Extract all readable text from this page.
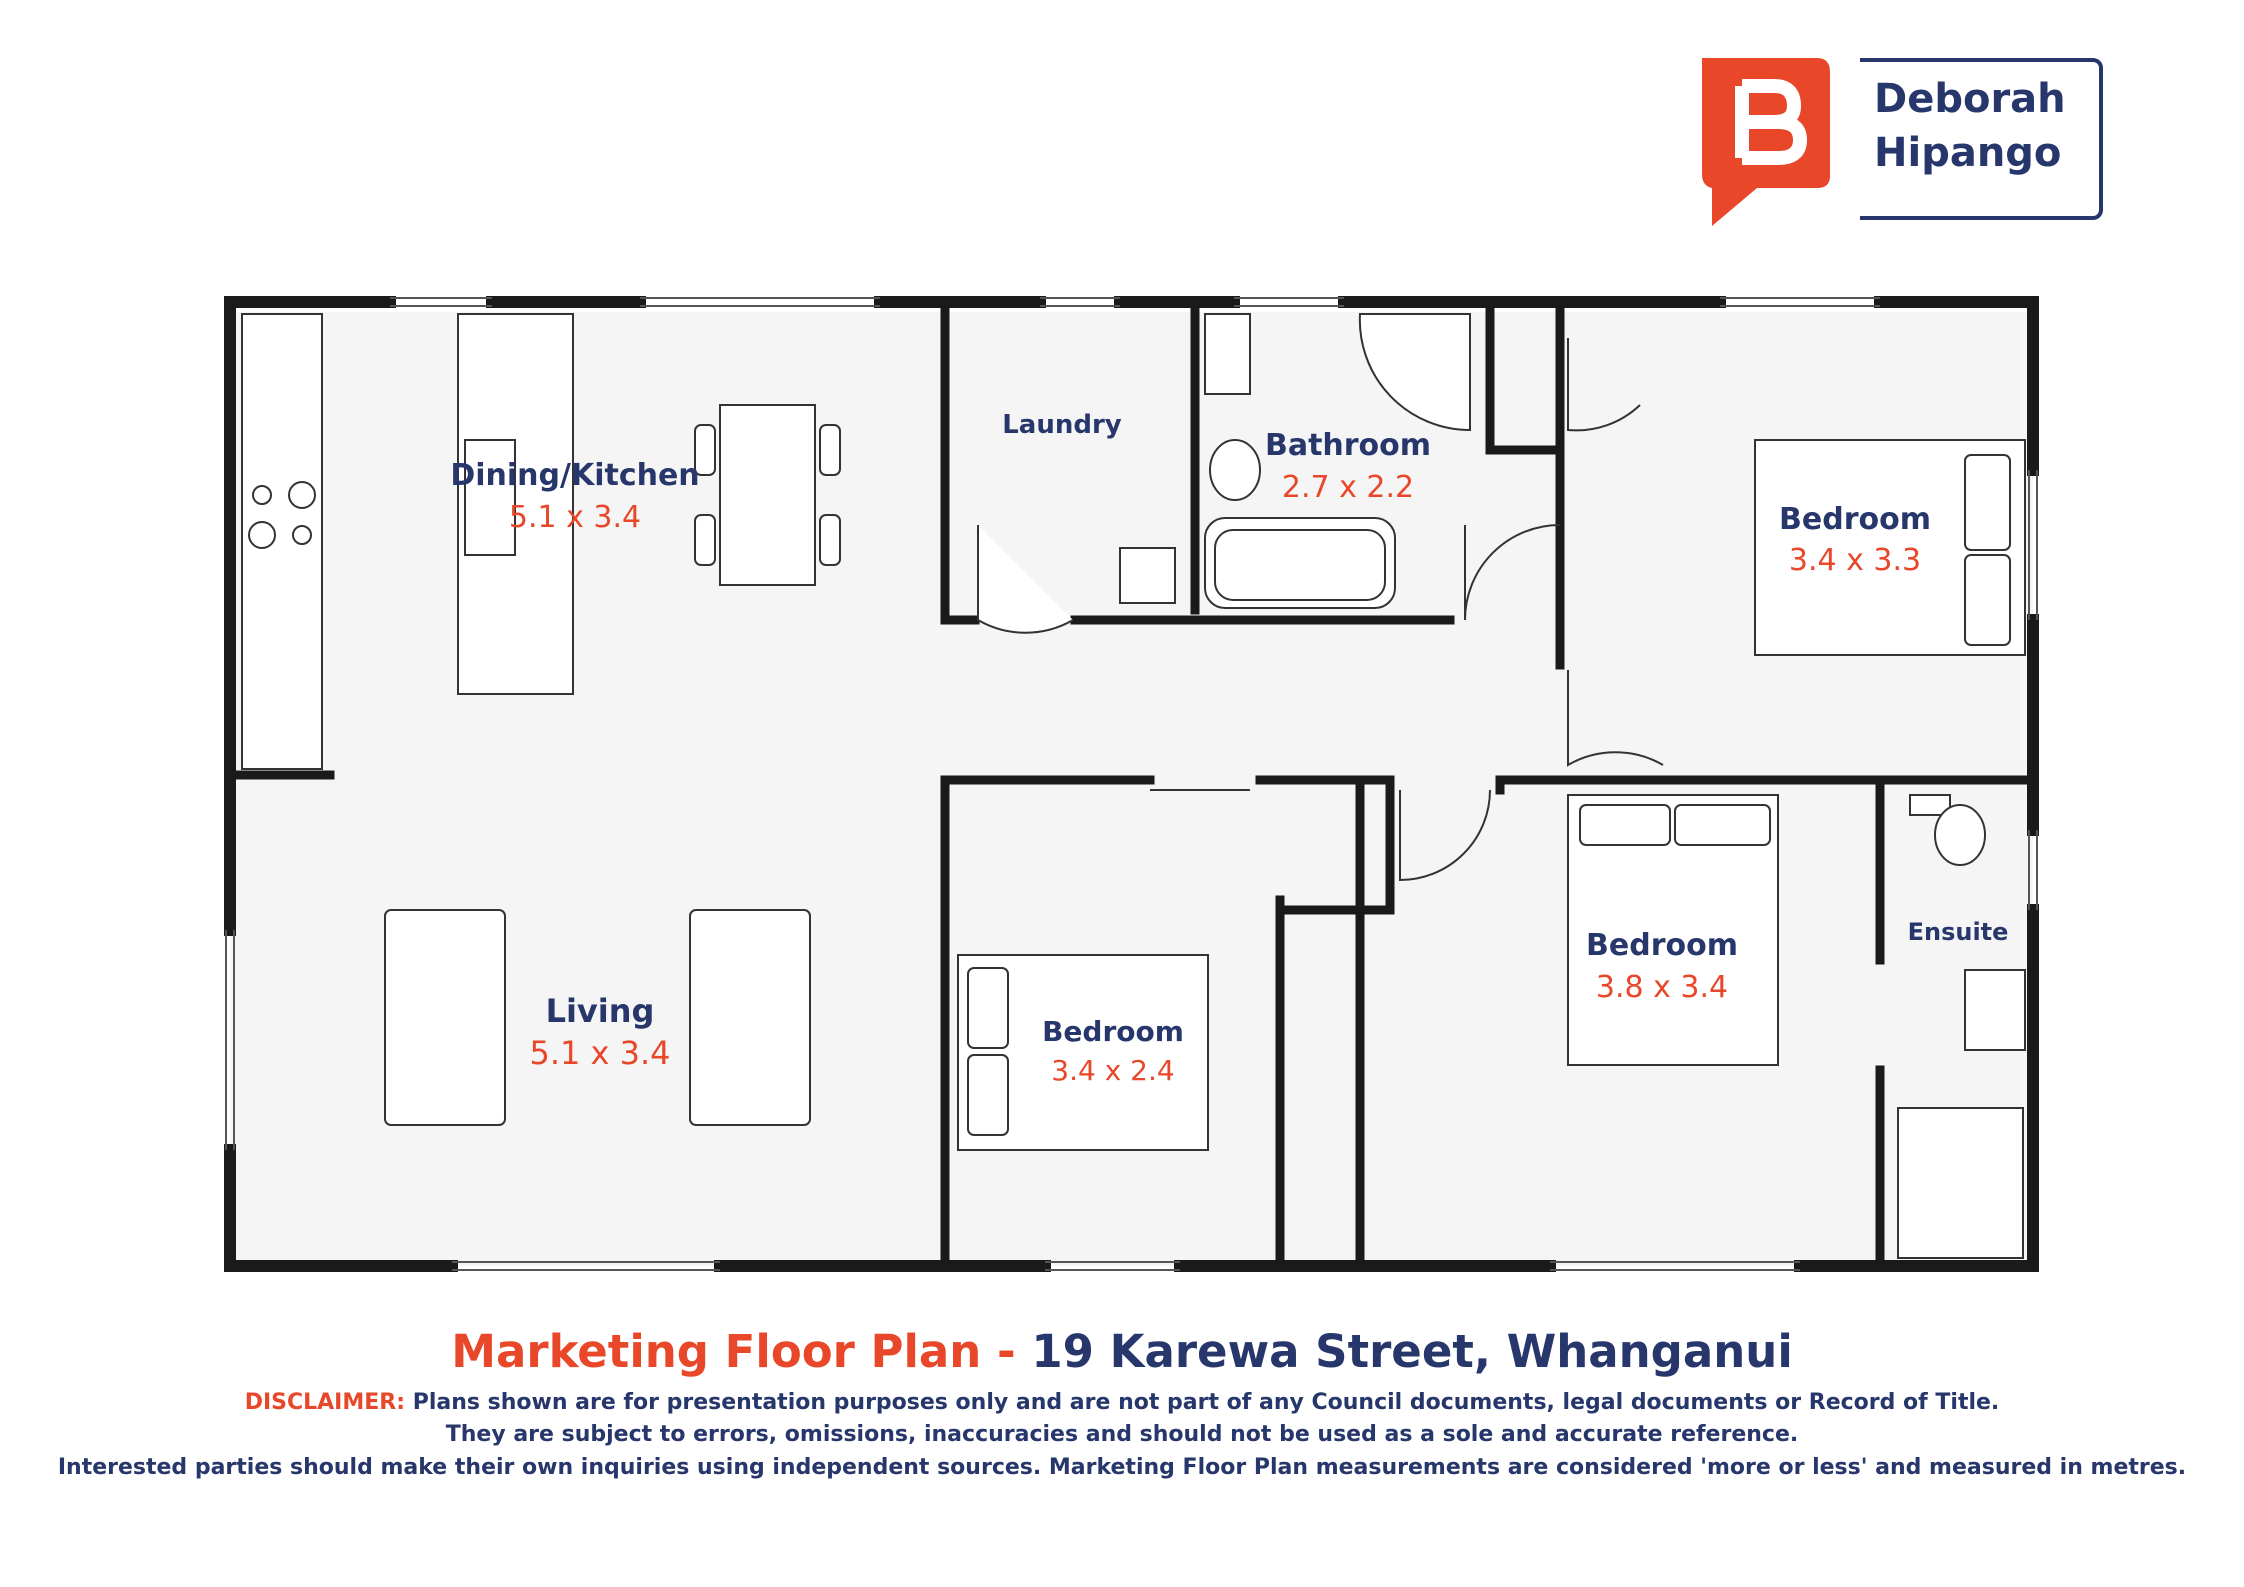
Deborah
Hipango
Dining/Kitchen
5.1 x 3.4
Laundry
Bathroom
2.7 x 2.2
Bedroom
3.4 x 3.3
Living
5.1 x 3.4
Bedroom
3.4 x 2.4
Bedroom
3.8 x 3.4
Ensuite
Marketing Floor Plan - 19 Karewa Street, Whanganui
DISCLAIMER: Plans shown are for presentation purposes only and are not part of any Council documents, legal documents or Record of Title.
They are subject to errors, omissions, inaccuracies and should not be used as a sole and accurate reference.
Interested parties should make their own inquiries using independent sources. Marketing Floor Plan measurements are considered 'more or less' and measured in metres.
